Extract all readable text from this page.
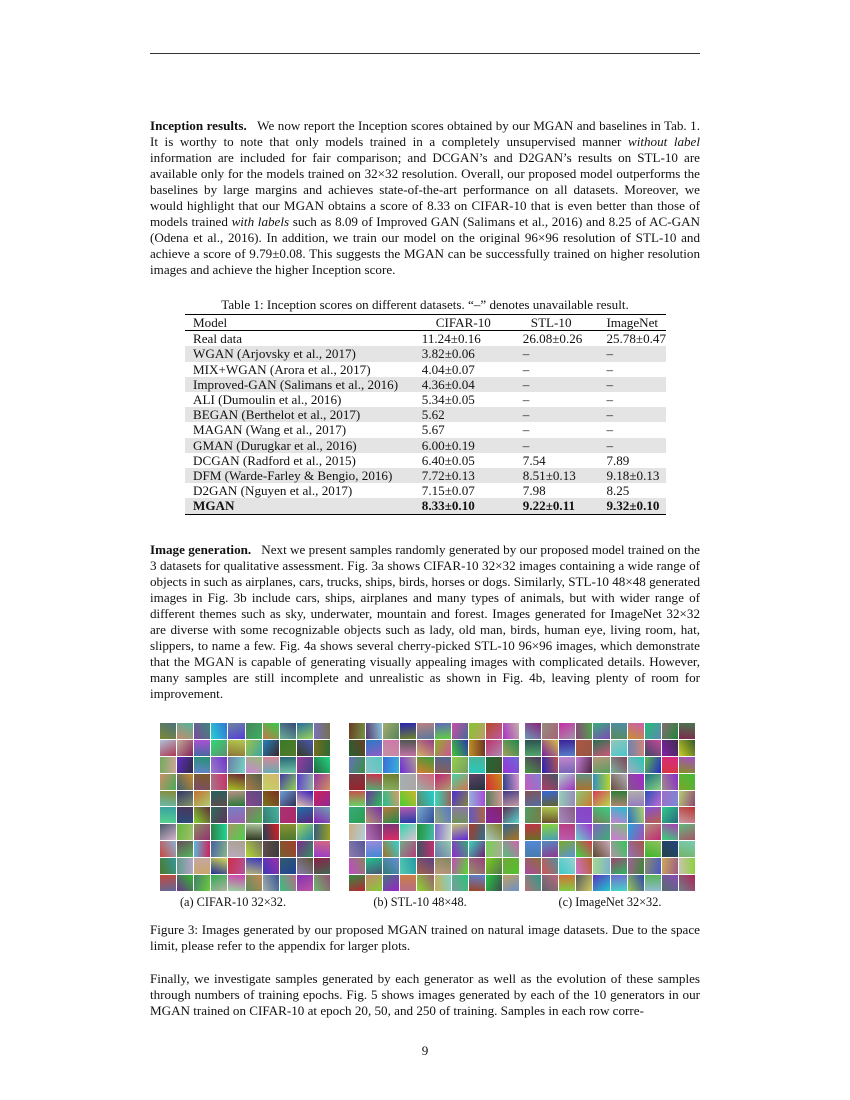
Inception results. We now report the Inception scores obtained by our MGAN and baselines in Tab. 1. It is worthy to note that only models trained in a completely unsupervised manner without label information are included for fair comparison; and DCGAN’s and D2GAN’s results on STL-10 are available only for the models trained on 32×32 resolution. Overall, our proposed model outperforms the baselines by large margins and achieves state-of-the-art performance on all datasets. Moreover, we would highlight that our MGAN obtains a score of 8.33 on CIFAR-10 that is even better than those of models trained with labels such as 8.09 of Improved GAN (Salimans et al., 2016) and 8.25 of AC-GAN (Odena et al., 2016). In addition, we train our model on the original 96×96 resolution of STL-10 and achieve a score of 9.79±0.08. This suggests the MGAN can be successfully trained on higher resolution images and achieve the higher Inception score.

Table 1: Inception scores on different datasets. “–” denotes unavailable result.
Model	CIFAR-10	STL-10	ImageNet
Real data	11.24±0.16	26.08±0.26	25.78±0.47
WGAN (Arjovsky et al., 2017)	3.82±0.06	–	–
MIX+WGAN (Arora et al., 2017)	4.04±0.07	–	–
Improved-GAN (Salimans et al., 2016)	4.36±0.04	–	–
ALI (Dumoulin et al., 2016)	5.34±0.05	–	–
BEGAN (Berthelot et al., 2017)	5.62	–	–
MAGAN (Wang et al., 2017)	5.67	–	–
GMAN (Durugkar et al., 2016)	6.00±0.19	–	–
DCGAN (Radford et al., 2015)	6.40±0.05	7.54	7.89
DFM (Warde-Farley & Bengio, 2016)	7.72±0.13	8.51±0.13	9.18±0.13
D2GAN (Nguyen et al., 2017)	7.15±0.07	7.98	8.25
MGAN	8.33±0.10	9.22±0.11	9.32±0.10

Image generation. Next we present samples randomly generated by our proposed model trained on the 3 datasets for qualitative assessment. Fig. 3a shows CIFAR-10 32×32 images containing a wide range of objects in such as airplanes, cars, trucks, ships, birds, horses or dogs. Similarly, STL-10 48×48 generated images in Fig. 3b include cars, ships, airplanes and many types of animals, but with wider range of different themes such as sky, underwater, mountain and forest. Images generated for ImageNet 32×32 are diverse with some recognizable objects such as lady, old man, birds, human eye, living room, hat, slippers, to name a few. Fig. 4a shows several cherry-picked STL-10 96×96 images, which demonstrate that the MGAN is capable of generating visually appealing images with complicated details. However, many samples are still incomplete and unrealistic as shown in Fig. 4b, leaving plenty of room for improvement.

(a) CIFAR-10 32×32.	(b) STL-10 48×48.	(c) ImageNet 32×32.
Figure 3: Images generated by our proposed MGAN trained on natural image datasets. Due to the space limit, please refer to the appendix for larger plots.

Finally, we investigate samples generated by each generator as well as the evolution of these samples through numbers of training epochs. Fig. 5 shows images generated by each of the 10 generators in our MGAN trained on CIFAR-10 at epoch 20, 50, and 250 of training. Samples in each row corre-

9
